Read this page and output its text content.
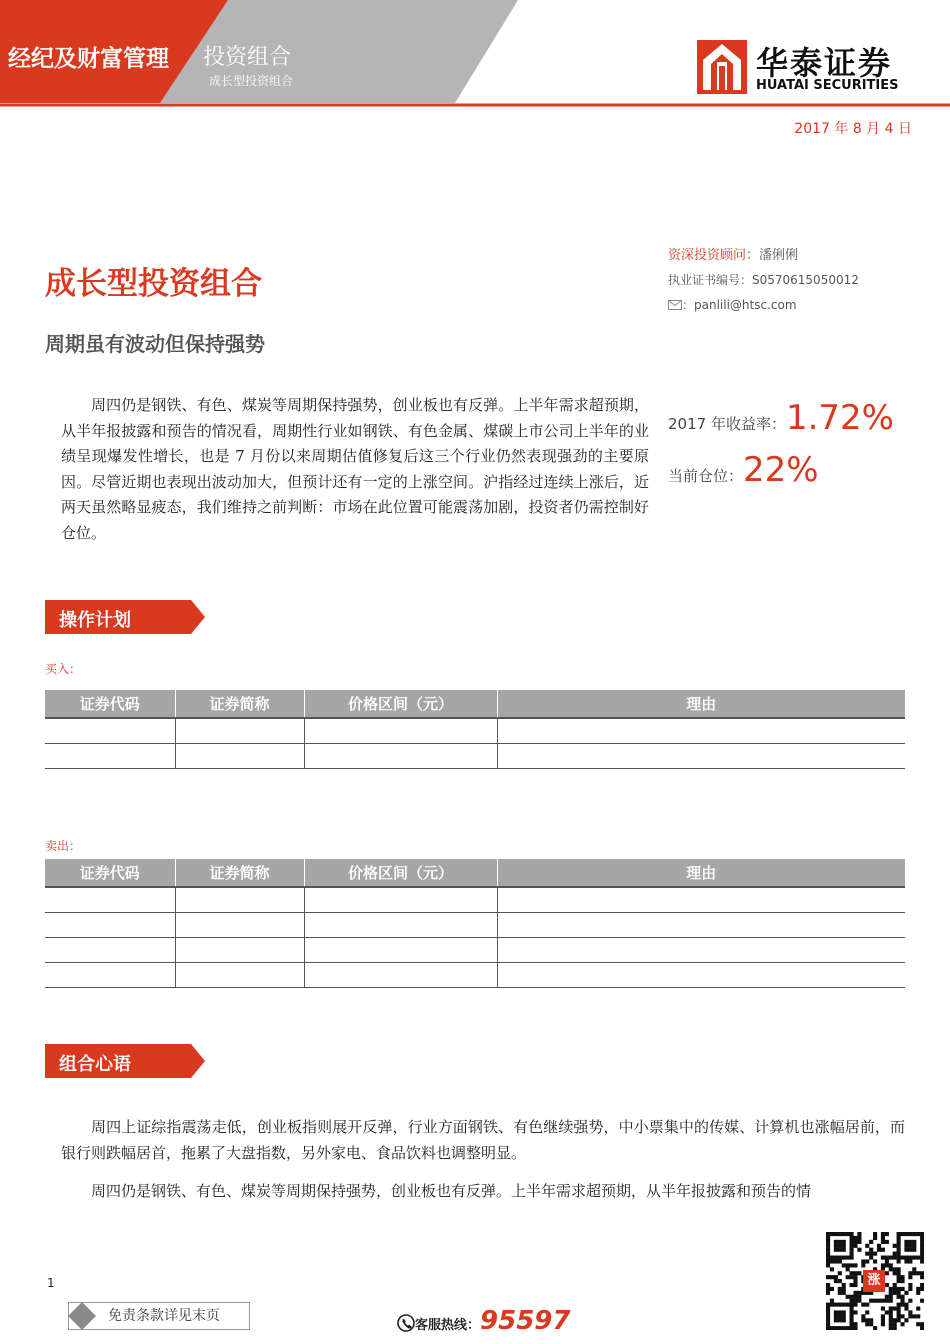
经纪及财富管理 投资组合
成长型投资组合	华泰证券
HUATAI SECURITIES
2017 年 8 月 4 日
成长型投资组合
周期虽有波动但保持强势
资深投资顾问：潘俐俐
执业证书编号：S0570615050012
：panlili@htsc.com
周四仍是钢铁、有色、煤炭等周期保持强势，创业板也有反弹。上半年需求超预期，从半年报披露和预告的情况看，周期性行业如钢铁、有色金属、煤碳上市公司上半年的业绩呈现爆发性增长，也是 7 月份以来周期估值修复后这三个行业仍然表现强劲的主要原因。尽管近期也表现出波动加大，但预计还有一定的上涨空间。沪指经过连续上涨后，近两天虽然略显疲态，我们维持之前判断：市场在此位置可能震荡加剧，投资者仍需控制好仓位。
2017 年收益率：1.72%
当前仓位：22%
操作计划
买入：
证券代码	证券简称	价格区间（元）	理由

卖出：
证券代码	证券简称	价格区间（元）	理由

组合心语
周四上证综指震荡走低，创业板指则展开反弹，行业方面钢铁、有色继续强势，中小票集中的传媒、计算机也涨幅居前，而银行则跌幅居首，拖累了大盘指数，另外家电、食品饮料也调整明显。
周四仍是钢铁、有色、煤炭等周期保持强势，创业板也有反弹。上半年需求超预期，从半年报披露和预告的情
涨
1
免责条款详见末页
客服热线：95597
